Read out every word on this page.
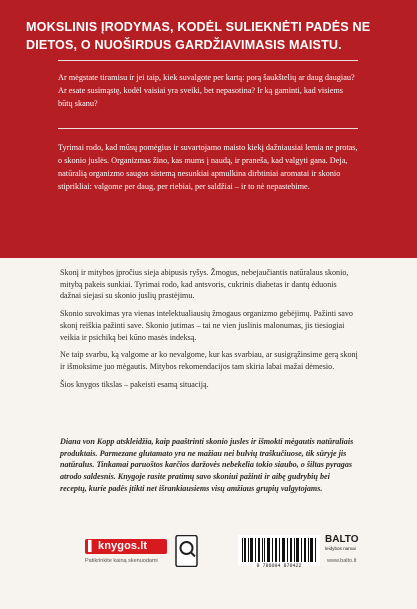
MOKSLINIS ĮRODYMAS, KODĖL SULIEKNĖTI PADĖS NE DIETOS, O NUOŠIRDUS GARDŽIAVIMASIS MAISTU.
Ar mėgstate tiramisu ir jei taip, kiek suvalgote per kartą: porą šaukštelių ar daug daugiau? Ar esate susimąstę, kodėl vaisiai yra sveiki, bet nepasotina? Ir ką gaminti, kad visiems būtų skanu?
Tyrimai rodo, kad mūsų pomėgius ir suvartojamo maisto kiekį dažniausiai lemia ne protas, o skonio juslės. Organizmas žino, kas mums į naudą, ir praneša, kad valgyti gana. Deja, natūralią organizmo saugos sistemą nesunkiai apmulkina dirbtiniai aromatai ir skonio stiprikliai: valgome per daug, per riebiai, per saldžiai – ir to nė nepastebime.

Skonį ir mitybos įpročius sieja abipusis ryšys. Žmogus, nebejaučiantis natūralaus skonio, mitybą pakeis sunkiai. Tyrimai rodo, kad antsvoris, cukrinis diabetas ir dantų ėduonis dažnai siejasi su skonio juslių prastėjimu.

Skonio suvokimas yra vienas intelektualiausių žmogaus organizmo gebėjimų. Pažinti savo skonį reiškia pažinti save. Skonio jutimas – tai ne vien juslinis malonumas, jis tiesiogiai veikia ir psichiką bei kūno masės indeksą.

Ne taip svarbu, ką valgome ar ko nevalgome, kur kas svarbiau, ar susigrąžinsime gerą skonį ir išmoksime juo mėgautis. Mitybos rekomendacijos tam skiria labai mažai dėmesio.

Šios knygos tikslas – pakeisti esamą situaciją.

Diana von Kopp atskleidžia, kaip paaštrinti skonio jusles ir išmokti mėgautis natūraliais produktais. Parmezane glutamato yra ne mažiau nei bulvių traškučiuose, tik sūryje jis natūralus. Tinkamai paruoštos karčios daržovės nebekelia tokio siaubo, o šiltas pyragas atrodo saldesnis. Knygoje rasite pratimų savo skoniui pažinti ir aibę gudrybių bei receptų, kurie padės įtikti net išrankiausiems visų amžiaus grupių valgytojams.
▌ knygos.lt
Patikrinkite kainą skenuodami
9 786094 870422
BALTO
leidybos namai
www.balto.lt
